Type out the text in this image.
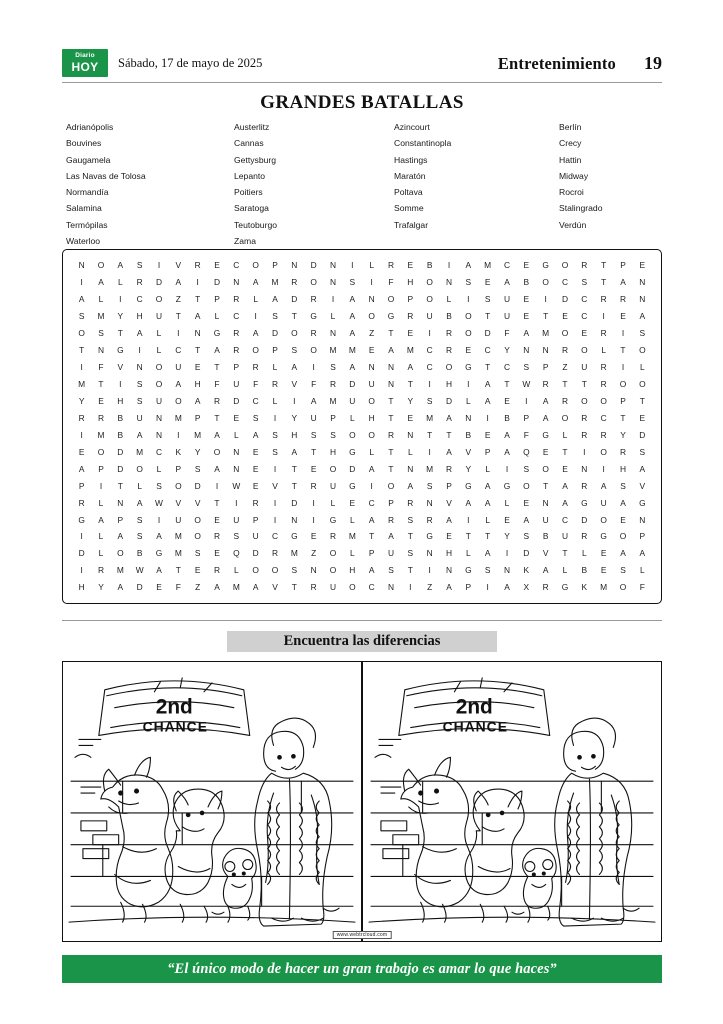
Diario
HOY Sábado, 17 de mayo de 2025	Entretenimiento 19
GRANDES BATALLAS
Adrianópolis	Austerlitz	Azincourt	Berlín
Bouvines	Cannas	Constantinopla	Crecy
Gaugamela	Gettysburg	Hastings	Hattin
Las Navas de Tolosa	Lepanto	Maratón	Midway
Normandía	Poitiers	Poltava	Rocroi
Salamina	Saratoga	Somme	Stalingrado
Termópilas	Teutoburgo	Trafalgar	Verdún
Waterloo	Zama
N O A S I V R E C O P N D N I L R E B I A M C E G O R T P E
I A L R D A I D N A M R O N S I F H O N S E A B O C S T A N
A L I C O Z T P R L A D R I A N O P O L I S U E I D C R R N
S M Y H U T A L C I S T G L A O G R U B O T U E T E C I E A
O S T A L I N G R A D O R N A Z T E I R O D F A M O E R I S
T N G I L C T A R O P S O M M E A M C R E C Y N N R O L T O
I F V N O U E T P R L A I S A N N A C O G T C S P Z U R I L
M T I S O A H F U F R V F R D U N T I H I A T W R T T R O O
Y E H S U O A R D C L I A M U O T Y S D L A E I A R O O P T
R R B U N M P T E S I Y U P L H T E M A N I B P A O R C T E
I M B A N I M A L A S H S S O O R N T T B E A F G L R R Y D
E O D M C K Y O N E S A T H G L T L I A V P A Q E T I O R S
A P D O L P S A N E I T E O D A T N M R Y L I S O E N I H A
P I T L S O D I W E V T R U G I O A S P G A G O T A R A S V
R L N A W V V T I R I D I L E C P R N V A A L E N A G U A G
G A P S I U O E U P I N I G L A R S R A I L E A U C D O E N
I L A S A M O R S U C G E R M T A T G E T T Y S B U R G O P
D L O B G M S E Q D R M Z O L P U S N H L A I D V T L E A A
I R M W A T E R L O O S N O H A S T I N G S N K A L B E S L
H Y A D E F Z A M A V T R U O C N I Z A P I A X R G K M O F
Encuentra las diferencias
2nd
CHANCE
2nd
CHANCE
www.webtrcloud.com
“El único modo de hacer un gran trabajo es amar lo que haces”
